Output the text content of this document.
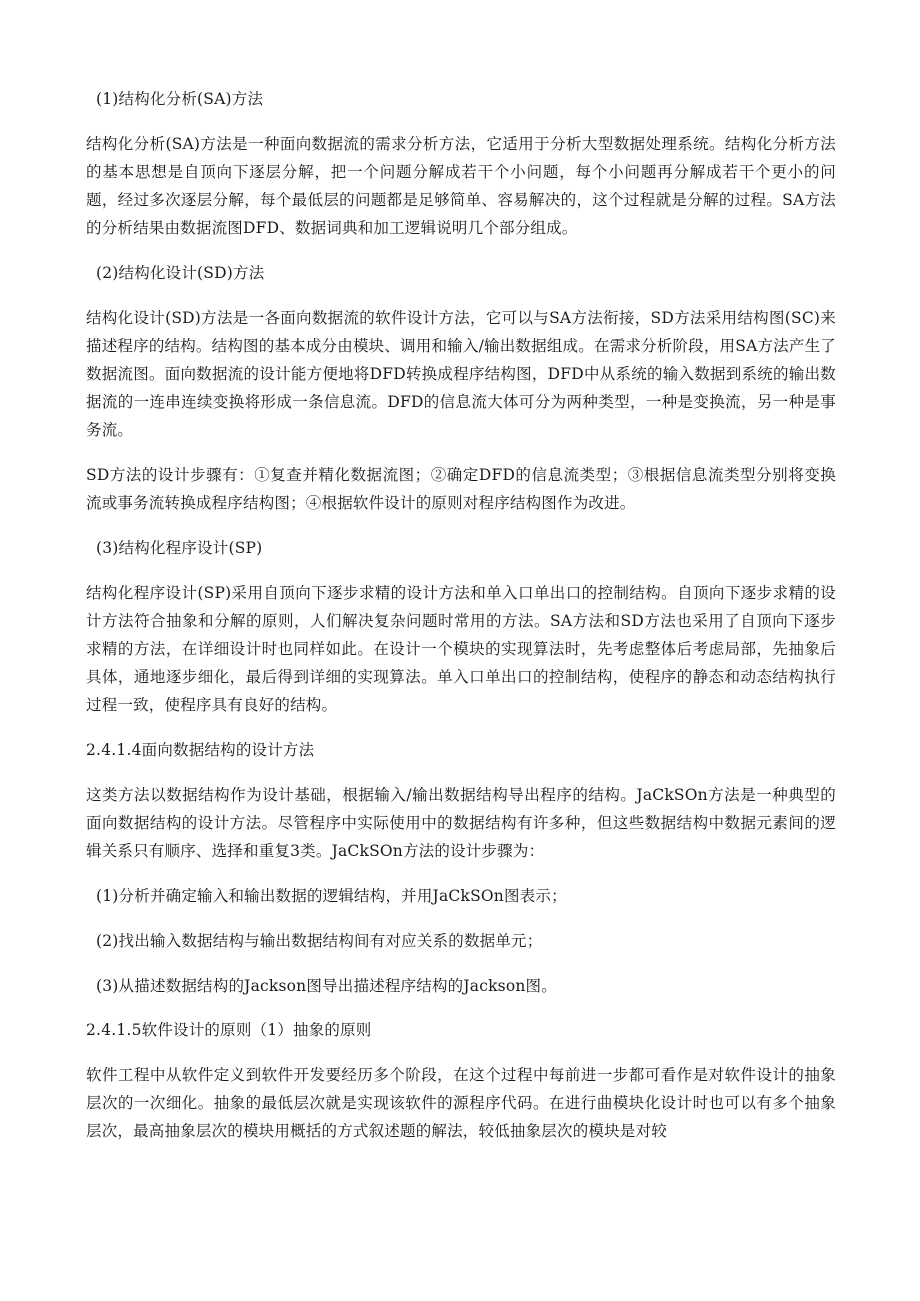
(1)结构化分析(SA)方法

结构化分析(SA)方法是一种面向数据流的需求分析方法，它适用于分析大型数据处理系统。结构化分析方法的基本思想是自顶向下逐层分解，把一个问题分解成若干个小问题，每个小问题再分解成若干个更小的问题，经过多次逐层分解，每个最低层的问题都是足够简单、容易解决的，这个过程就是分解的过程。SA方法的分析结果由数据流图DFD、数据词典和加工逻辑说明几个部分组成。

(2)结构化设计(SD)方法

结构化设计(SD)方法是一各面向数据流的软件设计方法，它可以与SA方法衔接，SD方法采用结构图(SC)来描述程序的结构。结构图的基本成分由模块、调用和输入/输出数据组成。在需求分析阶段，用SA方法产生了数据流图。面向数据流的设计能方便地将DFD转换成程序结构图，DFD中从系统的输入数据到系统的输出数据流的一连串连续变换将形成一条信息流。DFD的信息流大体可分为两种类型，一种是变换流，另一种是事务流。

SD方法的设计步骤有：①复查并精化数据流图；②确定DFD的信息流类型；③根据信息流类型分别将变换流或事务流转换成程序结构图；④根据软件设计的原则对程序结构图作为改进。

(3)结构化程序设计(SP)

结构化程序设计(SP)采用自顶向下逐步求精的设计方法和单入口单出口的控制结构。自顶向下逐步求精的设计方法符合抽象和分解的原则，人们解决复杂问题时常用的方法。SA方法和SD方法也采用了自顶向下逐步求精的方法，在详细设计时也同样如此。在设计一个模块的实现算法时，先考虑整体后考虑局部，先抽象后具体，通地逐步细化，最后得到详细的实现算法。单入口单出口的控制结构，使程序的静态和动态结构执行过程一致，使程序具有良好的结构。

2.4.1.4面向数据结构的设计方法

这类方法以数据结构作为设计基础，根据输入/输出数据结构导出程序的结构。JaCkSOn方法是一种典型的面向数据结构的设计方法。尽管程序中实际使用中的数据结构有许多种，但这些数据结构中数据元素间的逻辑关系只有顺序、选择和重复3类。JaCkSOn方法的设计步骤为：

(1)分析并确定输入和输出数据的逻辑结构，并用JaCkSOn图表示；

(2)找出输入数据结构与输出数据结构间有对应关系的数据单元；

(3)从描述数据结构的Jackson图导出描述程序结构的Jackson图。

2.4.1.5软件设计的原则（1）抽象的原则

软件工程中从软件定义到软件开发要经历多个阶段，在这个过程中每前进一步都可看作是对软件设计的抽象层次的一次细化。抽象的最低层次就是实现该软件的源程序代码。在进行曲模块化设计时也可以有多个抽象层次，最高抽象层次的模块用概括的方式叙述题的解法，较低抽象层次的模块是对较
